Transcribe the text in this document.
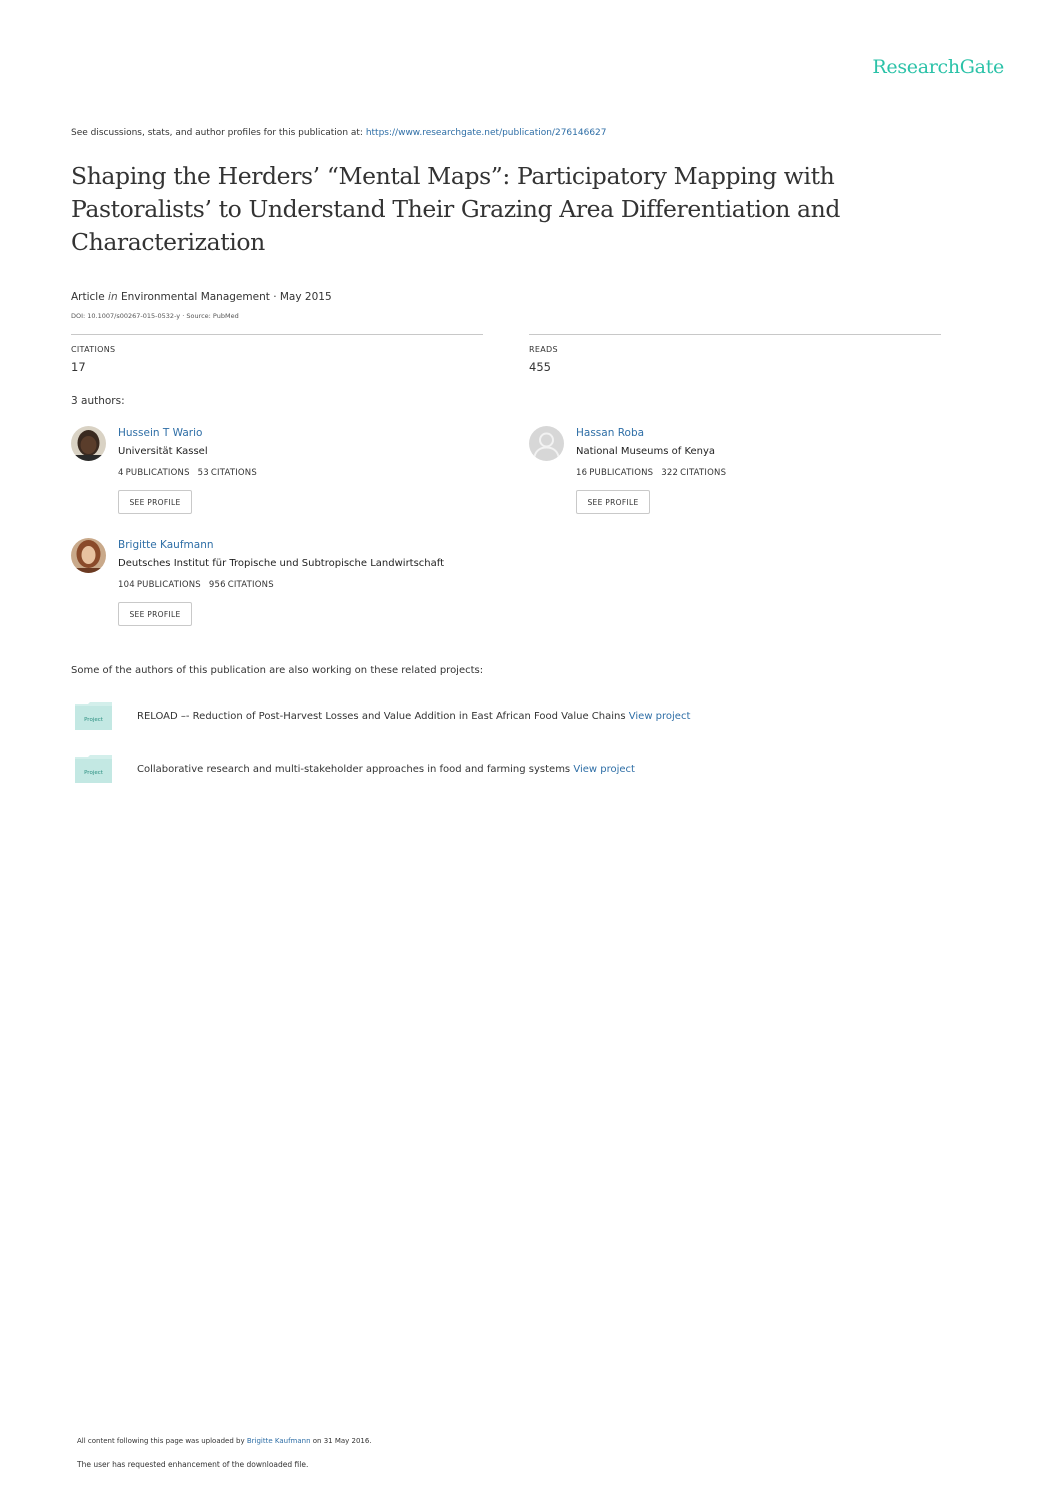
ResearchGate
See discussions, stats, and author profiles for this publication at: https://www.researchgate.net/publication/276146627
Shaping the Herders’ “Mental Maps”: Participatory Mapping with Pastoralists’ to Understand Their Grazing Area Differentiation and Characterization
Article in Environmental Management · May 2015
DOI: 10.1007/s00267-015-0532-y · Source: PubMed
CITATIONS
17
READS
455
3 authors:
Hussein T Wario
Universität Kassel
4 PUBLICATIONS 53 CITATIONS
SEE PROFILE
Hassan Roba
National Museums of Kenya
16 PUBLICATIONS 322 CITATIONS
SEE PROFILE
Brigitte Kaufmann
Deutsches Institut für Tropische und Subtropische Landwirtschaft
104 PUBLICATIONS 956 CITATIONS
SEE PROFILE
Some of the authors of this publication are also working on these related projects:
Project	RELOAD –- Reduction of Post-Harvest Losses and Value Addition in East African Food Value Chains View project
Project	Collaborative research and multi-stakeholder approaches in food and farming systems View project
All content following this page was uploaded by Brigitte Kaufmann on 31 May 2016.
The user has requested enhancement of the downloaded file.
